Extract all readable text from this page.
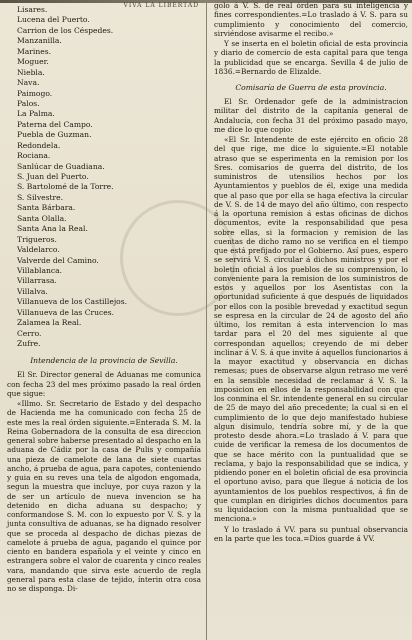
VIVA LA LIBERTAD
Lisares.
Lucena del Puerto.
Carrion de los Céspedes.
Manzanilla.
Marines.
Moguer.
Niebla.
Nava.
Paimogo.
Palos.
La Palma.
Paterna del Campo.
Puebla de Guzman.
Redondela.
Rociana.
Sanlúcar de Guadiana.
S. Juan del Puerto.
S. Bartolomé de la Torre.
S. Silvestre.
Santa Bárbara.
Santa Olalla.
Santa Ana la Real.
Trigueros.
Valdelarco.
Valverde del Camino.
Villablanca.
Villarrasa.
Villalva.
Villanueva de los Castillejos.
Villanueva de las Cruces.
Zalamea la Real.
Cerro.
Zufre.
Intendencia de la provincia de Sevilla.

El Sr. Director general de Aduanas me comunica con fecha 23 del mes próximo pasado la real órden que sigue:

«Illmo. Sr. Secretario de Estado y del despacho de Hacienda me ha comunicado con fecha 25 de este mes la real órden siguiente.=Enterada S. M. la Reina Gobernadora de la consulta de esa direccion general sobre haberse presentado al despacho en la aduana de Cádiz por la casa de Pulis y compañía una pieza de camelote de lana de siete cuartas ancho, á prueba de agua, para capotes, conteniendo y guia en su reves una tela de algodon engomada, segun la muestra que incluye, por cuya razon y la de ser un artículo de nueva invencion se ha detenido en dicha aduana su despacho; y conformandose S. M. con lo expuesto por V. S. y la junta consultiva de aduanas, se ha dignado resolver que se proceda al despacho de dichas piezas de camelote á prueba de agua, pagando el quince por ciento en bandera española y el veinte y cinco en estrangera sobre el valor de cuarenta y cinco reales vara, mandando que sirva este acuerdo de regla general para esta clase de tejido, ínterin otra cosa no se disponga. Di-

golo á V. S. de real órden para su inteligencia y fines correspondientes.=Lo traslado á V. S. para su cumplimiento y conocimiento del comercio, sirviéndose avisarme el recibo.»

Y se inserta en el boletin oficial de esta provincia y diario de comercio de esta capital para que tenga la publicidad que se encarga. Sevilla 4 de julio de 1836.=Bernardo de Elizalde.

Comisaría de Guerra de esta provincia.

El Sr. Ordenador gefe de la administracion militar del distrito de la capitanía general de Andalucía, con fecha 31 del próximo pasado mayo, me dice lo que copio:

«El Sr. Intendente de este ejército en oficio 28 del que rige, me dice lo siguiente.=El notable atraso que se esperimenta en la remision por los Sres. comisarios de guerra del distrito, de los suministros de utensilios hechos por los Ayuntamientos y pueblos de él, exige una medida que al paso que por ella se haga efectiva la circular de V. S. de 14 de mayo del año último, con respecto á la oportuna remision á estas oficinas de dichos documentos, evite la responsabilidad que pesa sobre ellas, si la formacion y remision de las cuentas de dicho ramo no se verifica en el tiempo que está prefijado por el Gobierno. Así pues, espero se servirá V. S. circular á dichos ministros y por el boletin oficial á los pueblos de su comprension, lo conveniente para la remision de los suministros de estos y aquellos por los Asentistas con la oportunidad suficiente á que después de liquidados por ellos con la posible brevedad y exactitud segun se espresa en la circular de 24 de agosto del año último, los remitan á esta intervencion lo mas tardar para el 20 del mes siguiente al que correspondan aquellos; creyendo de mi deber inclinar á V. S. á que invite á aquellos funcionarios á la mayor exactitud y observancia en dichas remesas; pues de observarse algun retraso me veré en la sensible necesidad de reclamar á V. S. la imposicion en ellos de la responsabilidad con que los conmina el Sr. intendente general en su circular de 25 de mayo del año precedente; la cual si en el cumplimiento de lo que dejo manifestado hubiese algun disimulo, tendría sobre mí, y de la que protesto desde ahora.=Lo traslado á V. para que cuide de verificar la remesa de los documentos de que se hace mérito con la puntualidad que se reclama, y bajo la responsabilidad que se indica, y pidiendo poner en el boletin oficial de esa provincia el oportuno aviso, para que llegue á noticia de los ayuntamientos de los pueblos respectivos, á fin de que cumplan en dirigirles dichos documentos para su liquidacion con la misma puntualidad que se menciona.»

Y lo traslado á VV. para su puntual observancia en la parte que les toca.=Dios guarde á VV.
